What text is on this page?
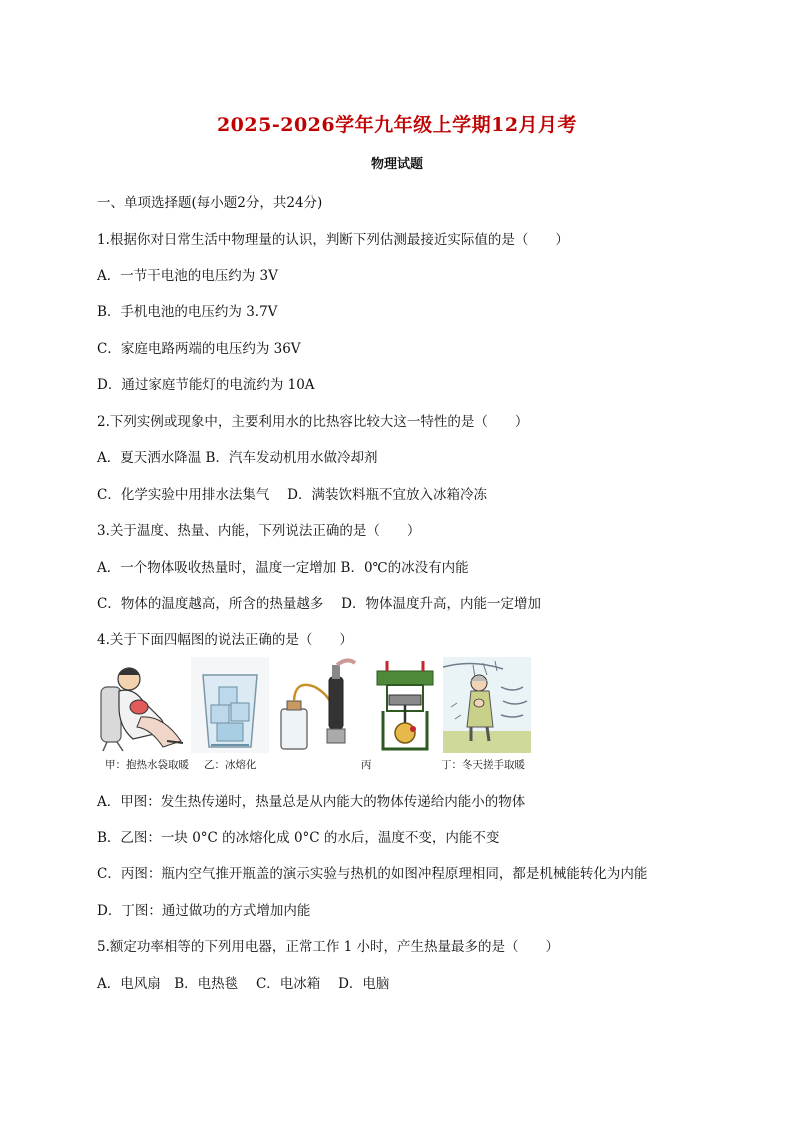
2025-2026学年九年级上学期12月月考
物理试题
一、单项选择题(每小题2分，共24分)
1.根据你对日常生活中物理量的认识，判断下列估测最接近实际值的是（　　）
A．一节干电池的电压约为 3V
B．手机电池的电压约为 3.7V
C．家庭电路两端的电压约为 36V
D．通过家庭节能灯的电流约为 10A
2.下列实例或现象中，主要利用水的比热容比较大这一特性的是（　　）
A．夏天洒水降温 B．汽车发动机用水做冷却剂
C．化学实验中用排水法集气　 D．满装饮料瓶不宜放入冰箱冷冻
3.关于温度、热量、内能，下列说法正确的是（　　）
A．一个物体吸收热量时，温度一定增加 B．0℃的冰没有内能
C．物体的温度越高，所含的热量越多　 D．物体温度升高，内能一定增加
4.关于下面四幅图的说法正确的是（　　）
甲：抱热水袋取暖 乙：冰熔化	丙	丁：冬天搓手取暖
A．甲图：发生热传递时，热量总是从内能大的物体传递给内能小的物体
B．乙图：一块 0°C 的冰熔化成 0°C 的水后，温度不变，内能不变
C．丙图：瓶内空气推开瓶盖的演示实验与热机的如图冲程原理相同，都是机械能转化为内能
D．丁图：通过做功的方式增加内能
5.额定功率相等的下列用电器，正常工作 1 小时，产生热量最多的是（　　）
A．电风扇　B．电热毯　 C．电冰箱　 D．电脑
